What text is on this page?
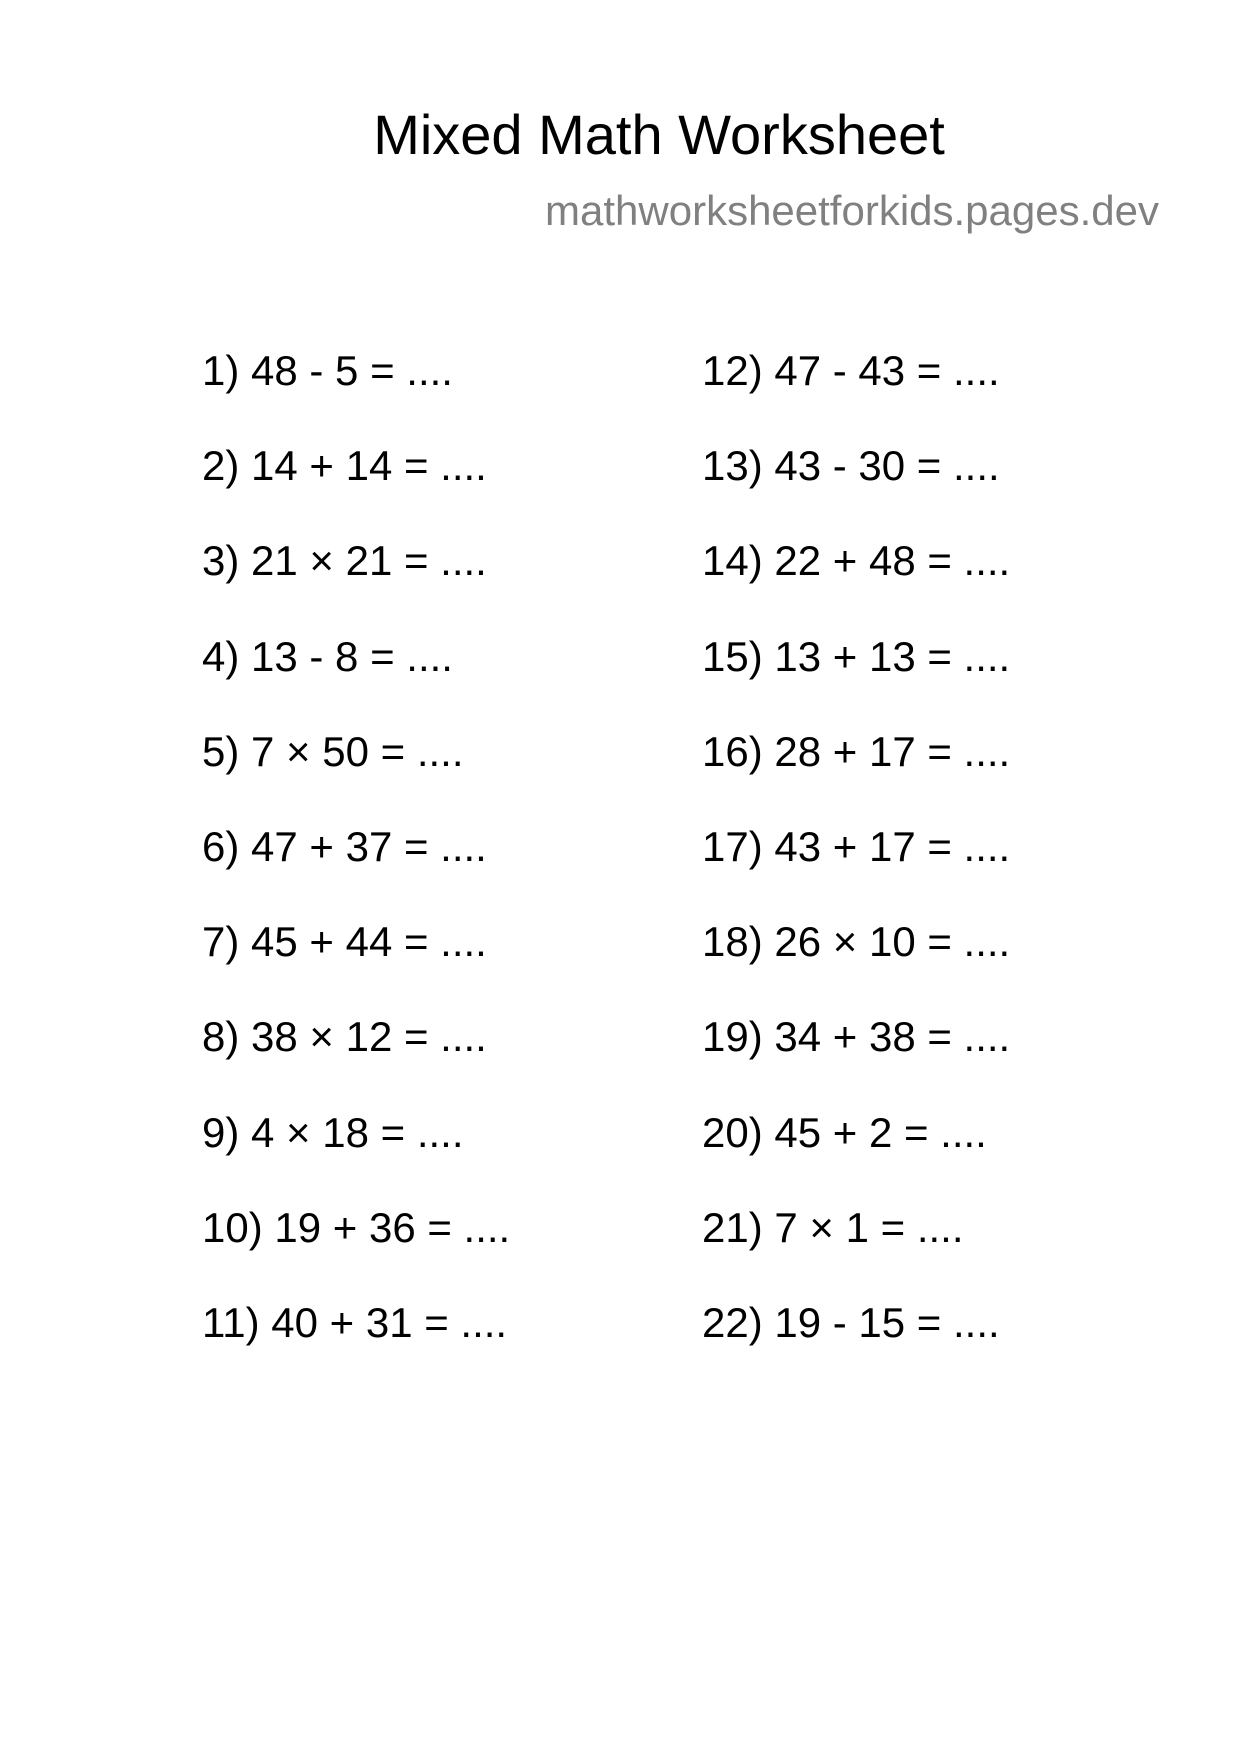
Mixed Math Worksheet
mathworksheetforkids.pages.dev
1) 48 - 5 = ....
2) 14 + 14 = ....
3) 21 × 21 = ....
4) 13 - 8 = ....
5) 7 × 50 = ....
6) 47 + 37 = ....
7) 45 + 44 = ....
8) 38 × 12 = ....
9) 4 × 18 = ....
10) 19 + 36 = ....
11) 40 + 31 = ....
12) 47 - 43 = ....
13) 43 - 30 = ....
14) 22 + 48 = ....
15) 13 + 13 = ....
16) 28 + 17 = ....
17) 43 + 17 = ....
18) 26 × 10 = ....
19) 34 + 38 = ....
20) 45 + 2 = ....
21) 7 × 1 = ....
22) 19 - 15 = ....
